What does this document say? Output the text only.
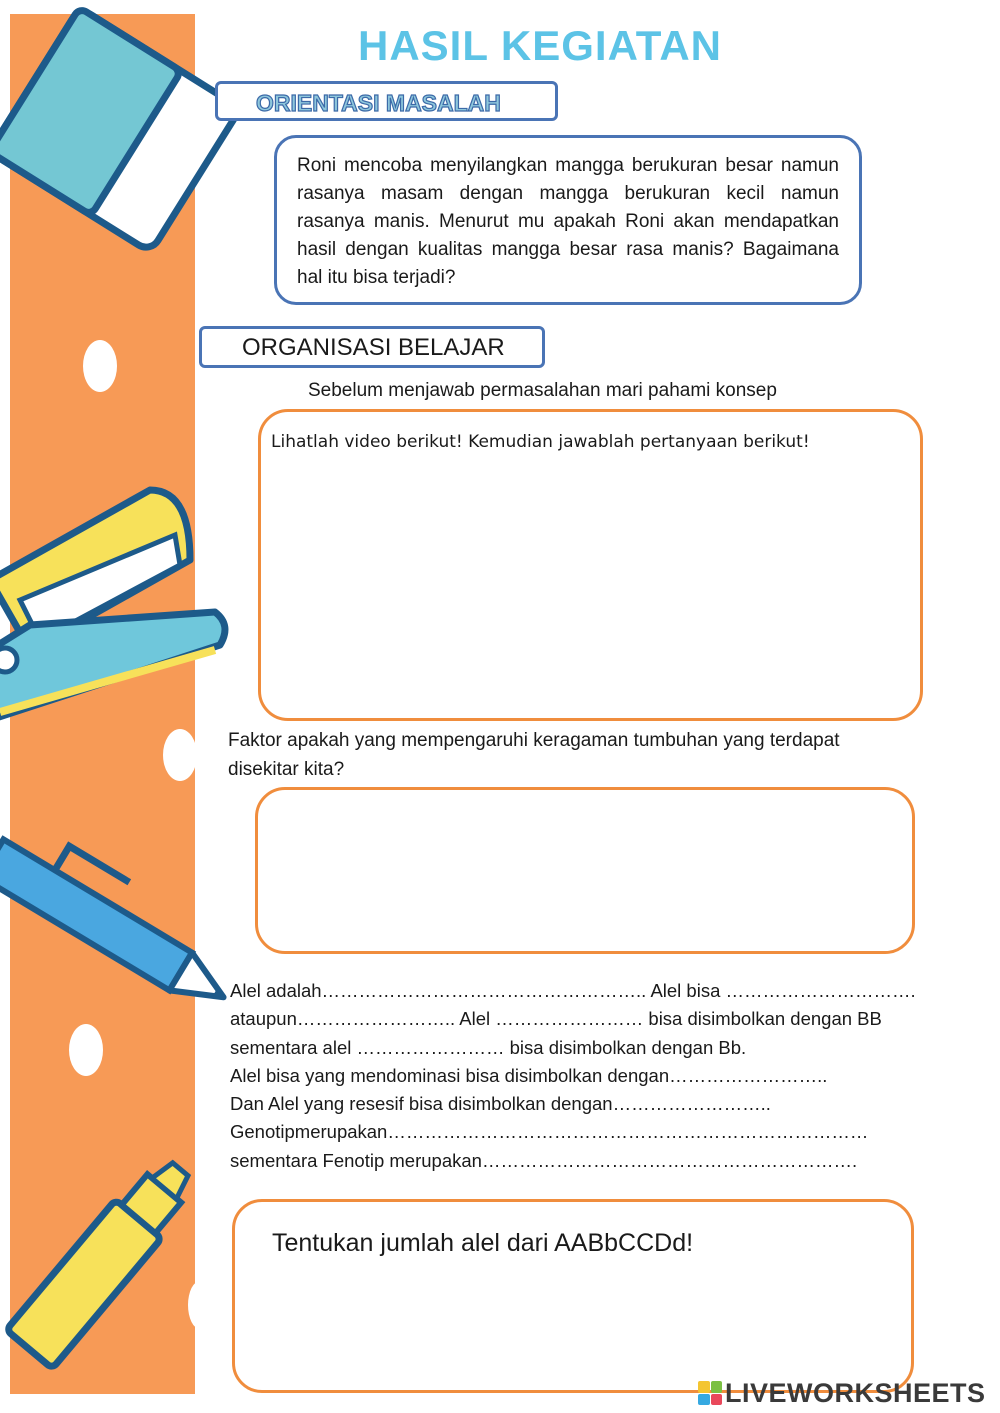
HASIL KEGIATAN
ORIENTASI MASALAH

Roni mencoba menyilangkan mangga berukuran besar namun rasanya masam dengan mangga berukuran kecil namun rasanya manis. Menurut mu apakah Roni akan mendapatkan hasil dengan kualitas mangga besar rasa manis? Bagaimana hal itu bisa terjadi?

ORGANISASI BELAJAR
Sebelum menjawab permasalahan mari pahami konsep
Lihatlah video berikut! Kemudian jawablah pertanyaan berikut!
Faktor apakah yang mempengaruhi keragaman tumbuhan yang terdapat disekitar kita?
Alel adalah…………………………………………….. Alel bisa ………………………….
ataupun…………………….. Alel …………………… bisa disimbolkan dengan BB
sementara alel …………………… bisa disimbolkan dengan Bb.
Alel bisa yang mendominasi bisa disimbolkan dengan……………………..
Dan Alel yang resesif bisa disimbolkan dengan……………………..
Genotipmerupakan……………………………………………………………………
sementara Fenotip merupakan…………………………………………………….
Tentukan jumlah alel dari AABbCCDd!
LIVEWORKSHEETS
